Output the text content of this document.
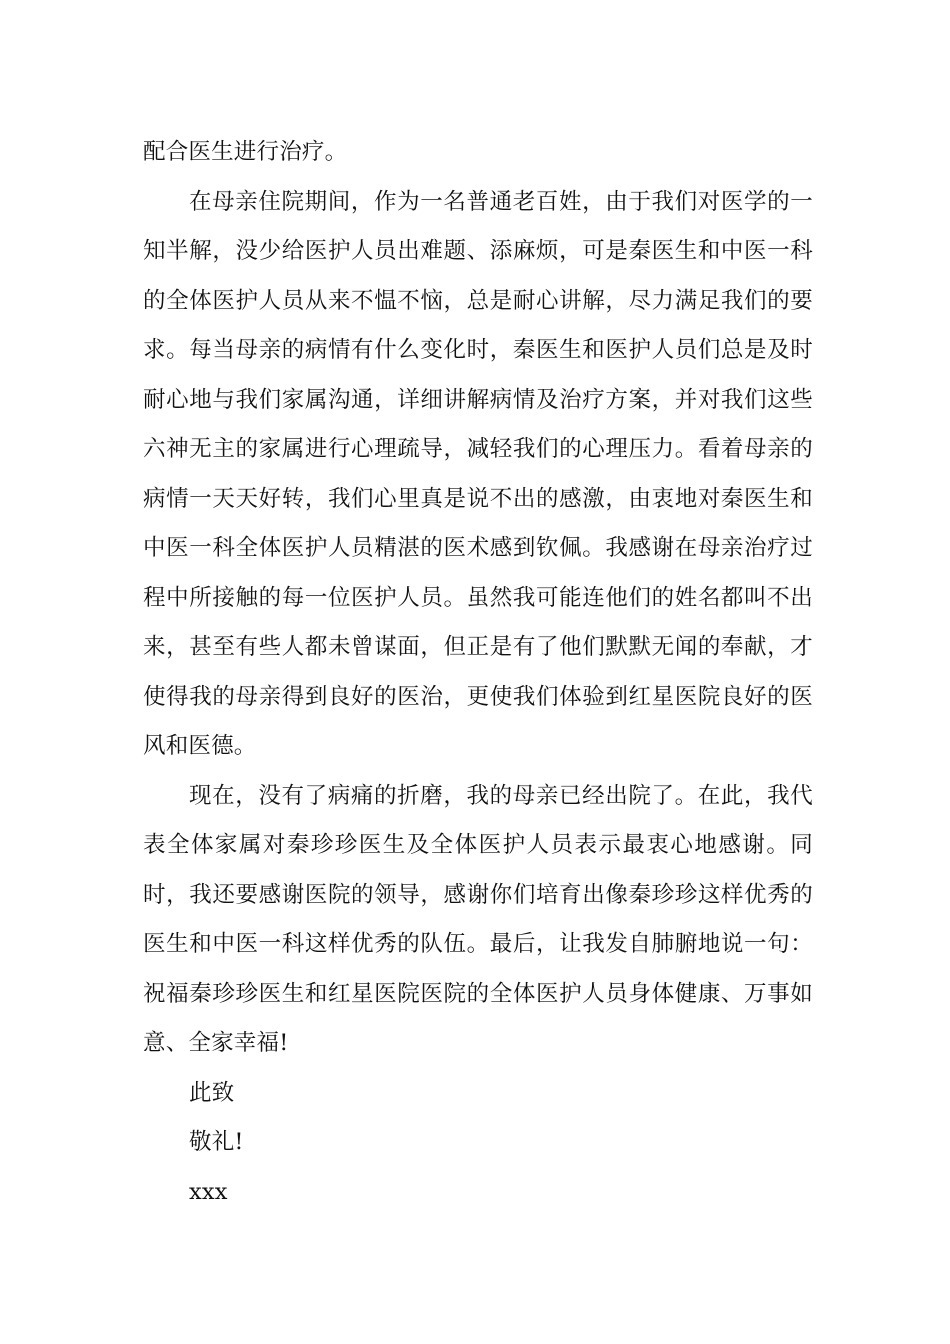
配合医生进行治疗。

在母亲住院期间，作为一名普通老百姓，由于我们对医学的一知半解，没少给医护人员出难题、添麻烦，可是秦医生和中医一科的全体医护人员从来不愠不恼，总是耐心讲解，尽力满足我们的要求。每当母亲的病情有什么变化时，秦医生和医护人员们总是及时耐心地与我们家属沟通，详细讲解病情及治疗方案，并对我们这些六神无主的家属进行心理疏导，减轻我们的心理压力。看着母亲的病情一天天好转，我们心里真是说不出的感激，由衷地对秦医生和中医一科全体医护人员精湛的医术感到钦佩。我感谢在母亲治疗过程中所接触的每一位医护人员。虽然我可能连他们的姓名都叫不出来，甚至有些人都未曾谋面，但正是有了他们默默无闻的奉献，才使得我的母亲得到良好的医治，更使我们体验到红星医院良好的医风和医德。

现在，没有了病痛的折磨，我的母亲已经出院了。在此，我代表全体家属对秦珍珍医生及全体医护人员表示最衷心地感谢。同时，我还要感谢医院的领导，感谢你们培育出像秦珍珍这样优秀的医生和中医一科这样优秀的队伍。最后，让我发自肺腑地说一句：祝福秦珍珍医生和红星医院医院的全体医护人员身体健康、万事如意、全家幸福!

此致

敬礼!

xxx
